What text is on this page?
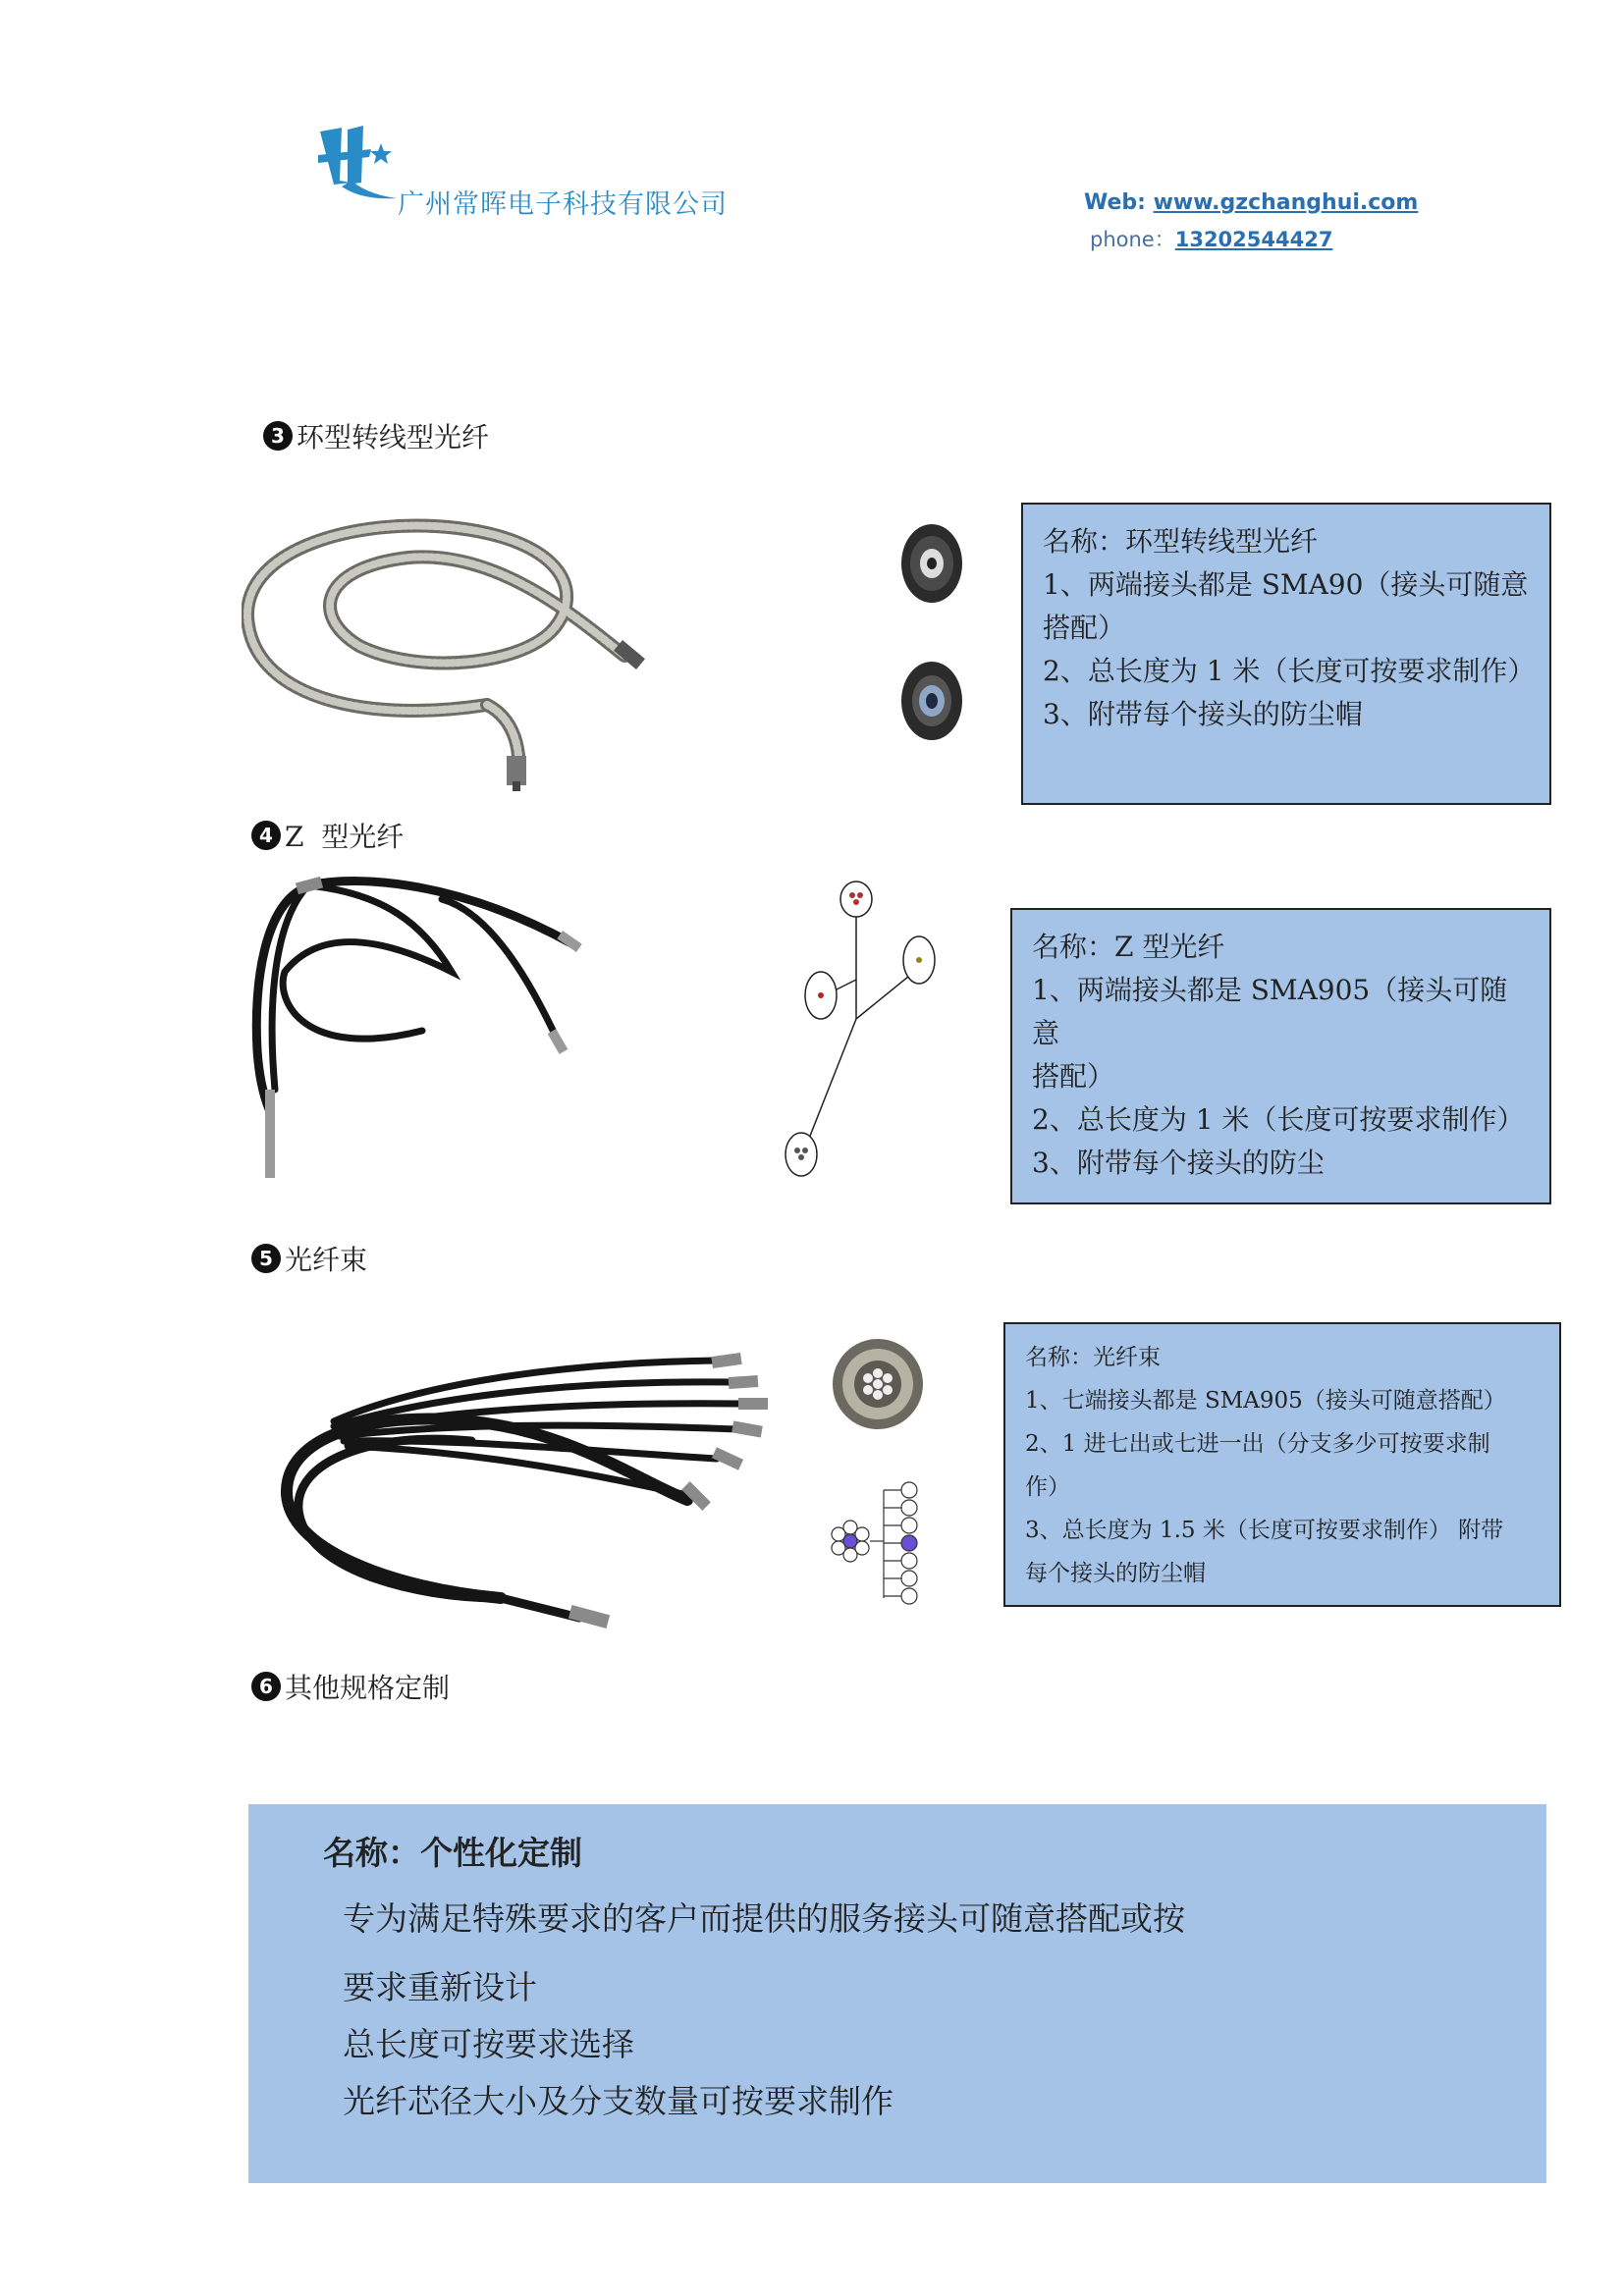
广州常晖电子科技有限公司	Web: www.gzchanghui.com
phone：13202544427
3 环型转线型光纤

名称：环型转线型光纤

1、两端接头都是 SMA90（接头可随意

搭配）

2、总长度为 1 米（长度可按要求制作）

3、附带每个接头的防尘帽

4 Z  型光纤

名称：Z 型光纤

1、两端接头都是 SMA905（接头可随意

搭配）

2、总长度为 1 米（长度可按要求制作）

3、附带每个接头的防尘

5 光纤束

名称：光纤束

1、七端接头都是 SMA905（接头可随意搭配）

2、1 进七出或七进一出（分支多少可按要求制

作）

3、总长度为 1.5 米（长度可按要求制作） 附带

每个接头的防尘帽

6 其他规格定制

名称：个性化定制

专为满足特殊要求的客户而提供的服务接头可随意搭配或按

要求重新设计

总长度可按要求选择

光纤芯径大小及分支数量可按要求制作
